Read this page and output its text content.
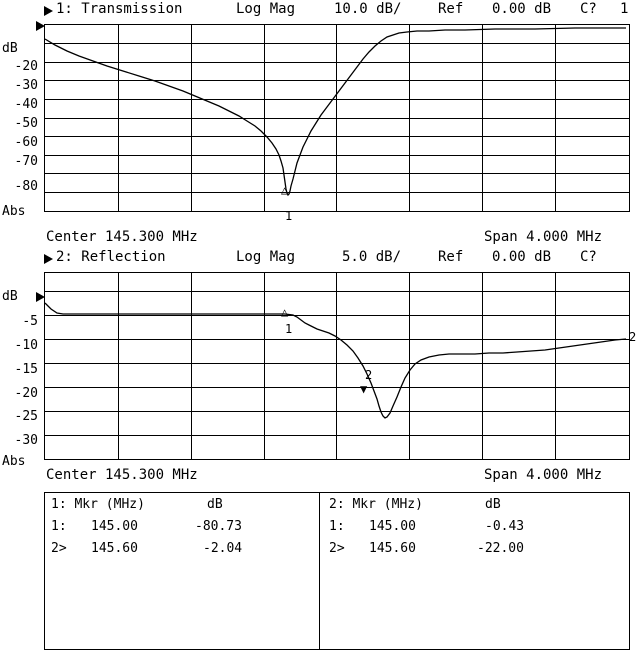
1: Transmission	Log Mag	10.0 dB/	Ref 0.00 dB C? 1
dB
-20
-30
-40
-50
-60
-70
-80
Abs
△
1
Center 145.300 MHz	Span 4.000 MHz
2: Reflection	Log Mag	5.0 dB/	Ref 0.00 dB C?
dB
-5
-10
-15
-20
-25
-30
Abs
△
1
2
▼
2
Center 145.300 MHz	Span 4.000 MHz
1: Mkr (MHz)	dB
1: 145.00	-80.73
2> 145.60	-2.04
2: Mkr (MHz)	dB
1: 145.00	-0.43
2> 145.60	-22.00
